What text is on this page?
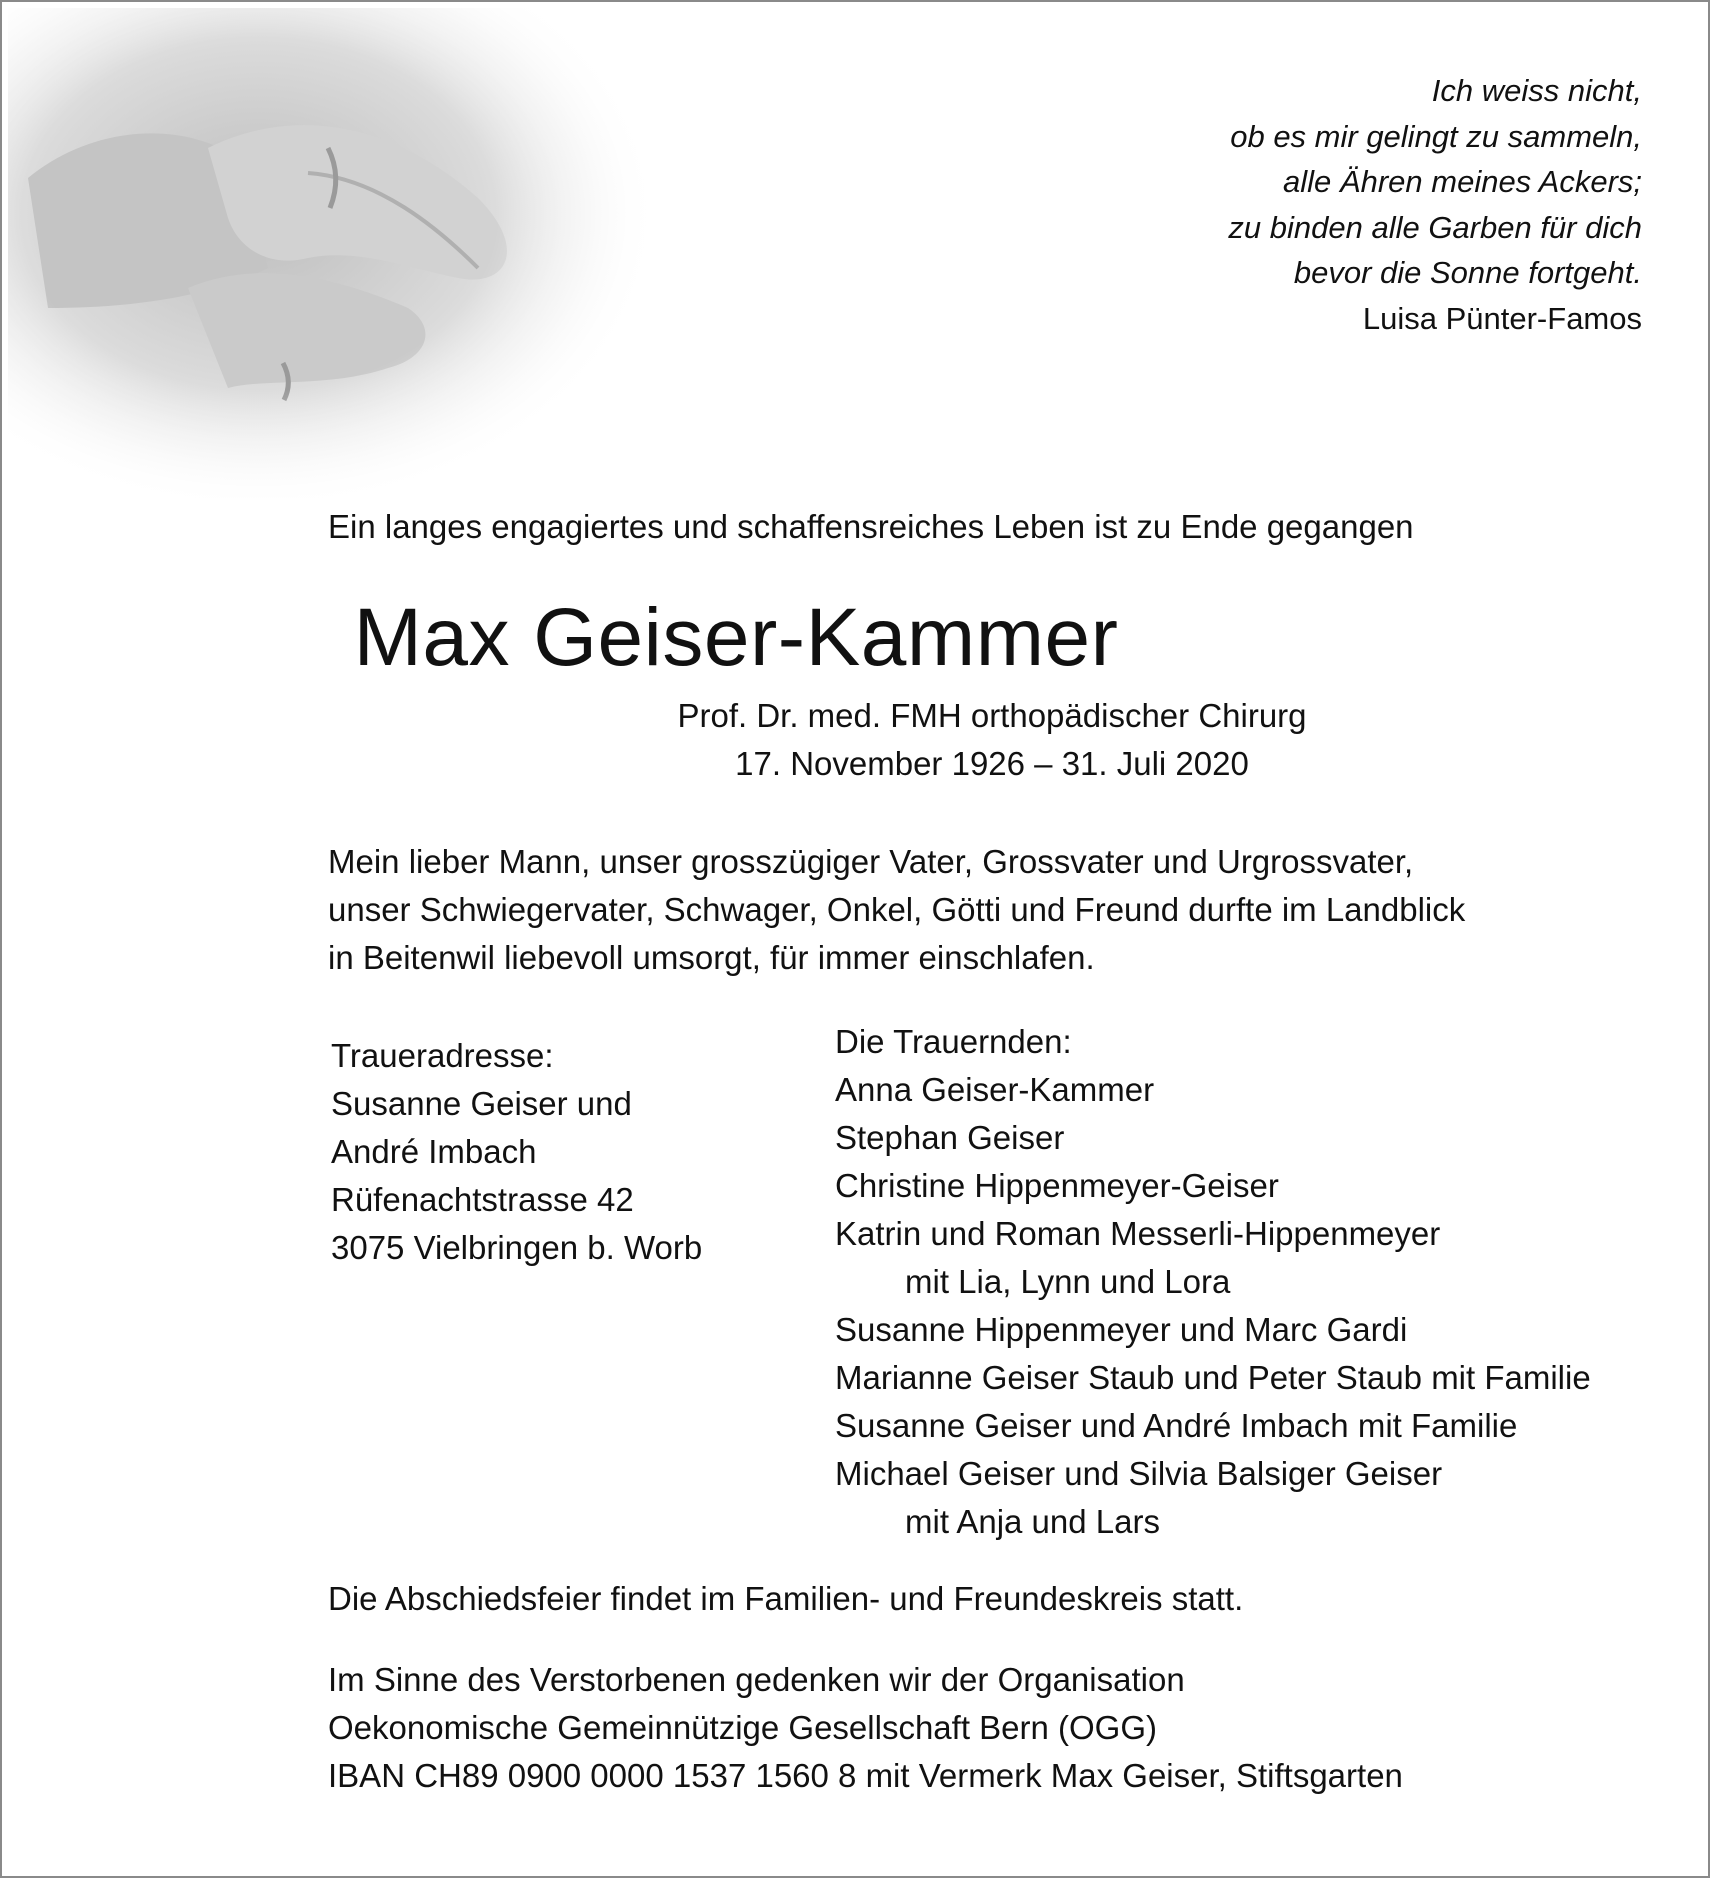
Ich weiss nicht,
ob es mir gelingt zu sammeln,
alle Ähren meines Ackers;
zu binden alle Garben für dich
bevor die Sonne fortgeht.
Luisa Pünter-Famos
Ein langes engagiertes und schaffensreiches Leben ist zu Ende gegangen
Max Geiser-Kammer
Prof. Dr. med. FMH orthopädischer Chirurg
17. November 1926 – 31. Juli 2020
Mein lieber Mann, unser grosszügiger Vater, Grossvater und Urgrossvater,
unser Schwiegervater, Schwager, Onkel, Götti und Freund durfte im Landblick
in Beitenwil liebevoll umsorgt, für immer einschlafen.
Traueradresse:
Susanne Geiser und
André Imbach
Rüfenachtstrasse 42
3075 Vielbringen b. Worb
Die Trauernden:
Anna Geiser-Kammer
Stephan Geiser
Christine Hippenmeyer-Geiser
Katrin und Roman Messerli-Hippenmeyer
mit Lia, Lynn und Lora
Susanne Hippenmeyer und Marc Gardi
Marianne Geiser Staub und Peter Staub mit Familie
Susanne Geiser und André Imbach mit Familie
Michael Geiser und Silvia Balsiger Geiser
mit Anja und Lars
Die Abschiedsfeier findet im Familien- und Freundeskreis statt.
Im Sinne des Verstorbenen gedenken wir der Organisation
Oekonomische Gemeinnützige Gesellschaft Bern (OGG)
IBAN CH89 0900 0000 1537 1560 8 mit Vermerk Max Geiser, Stiftsgarten
